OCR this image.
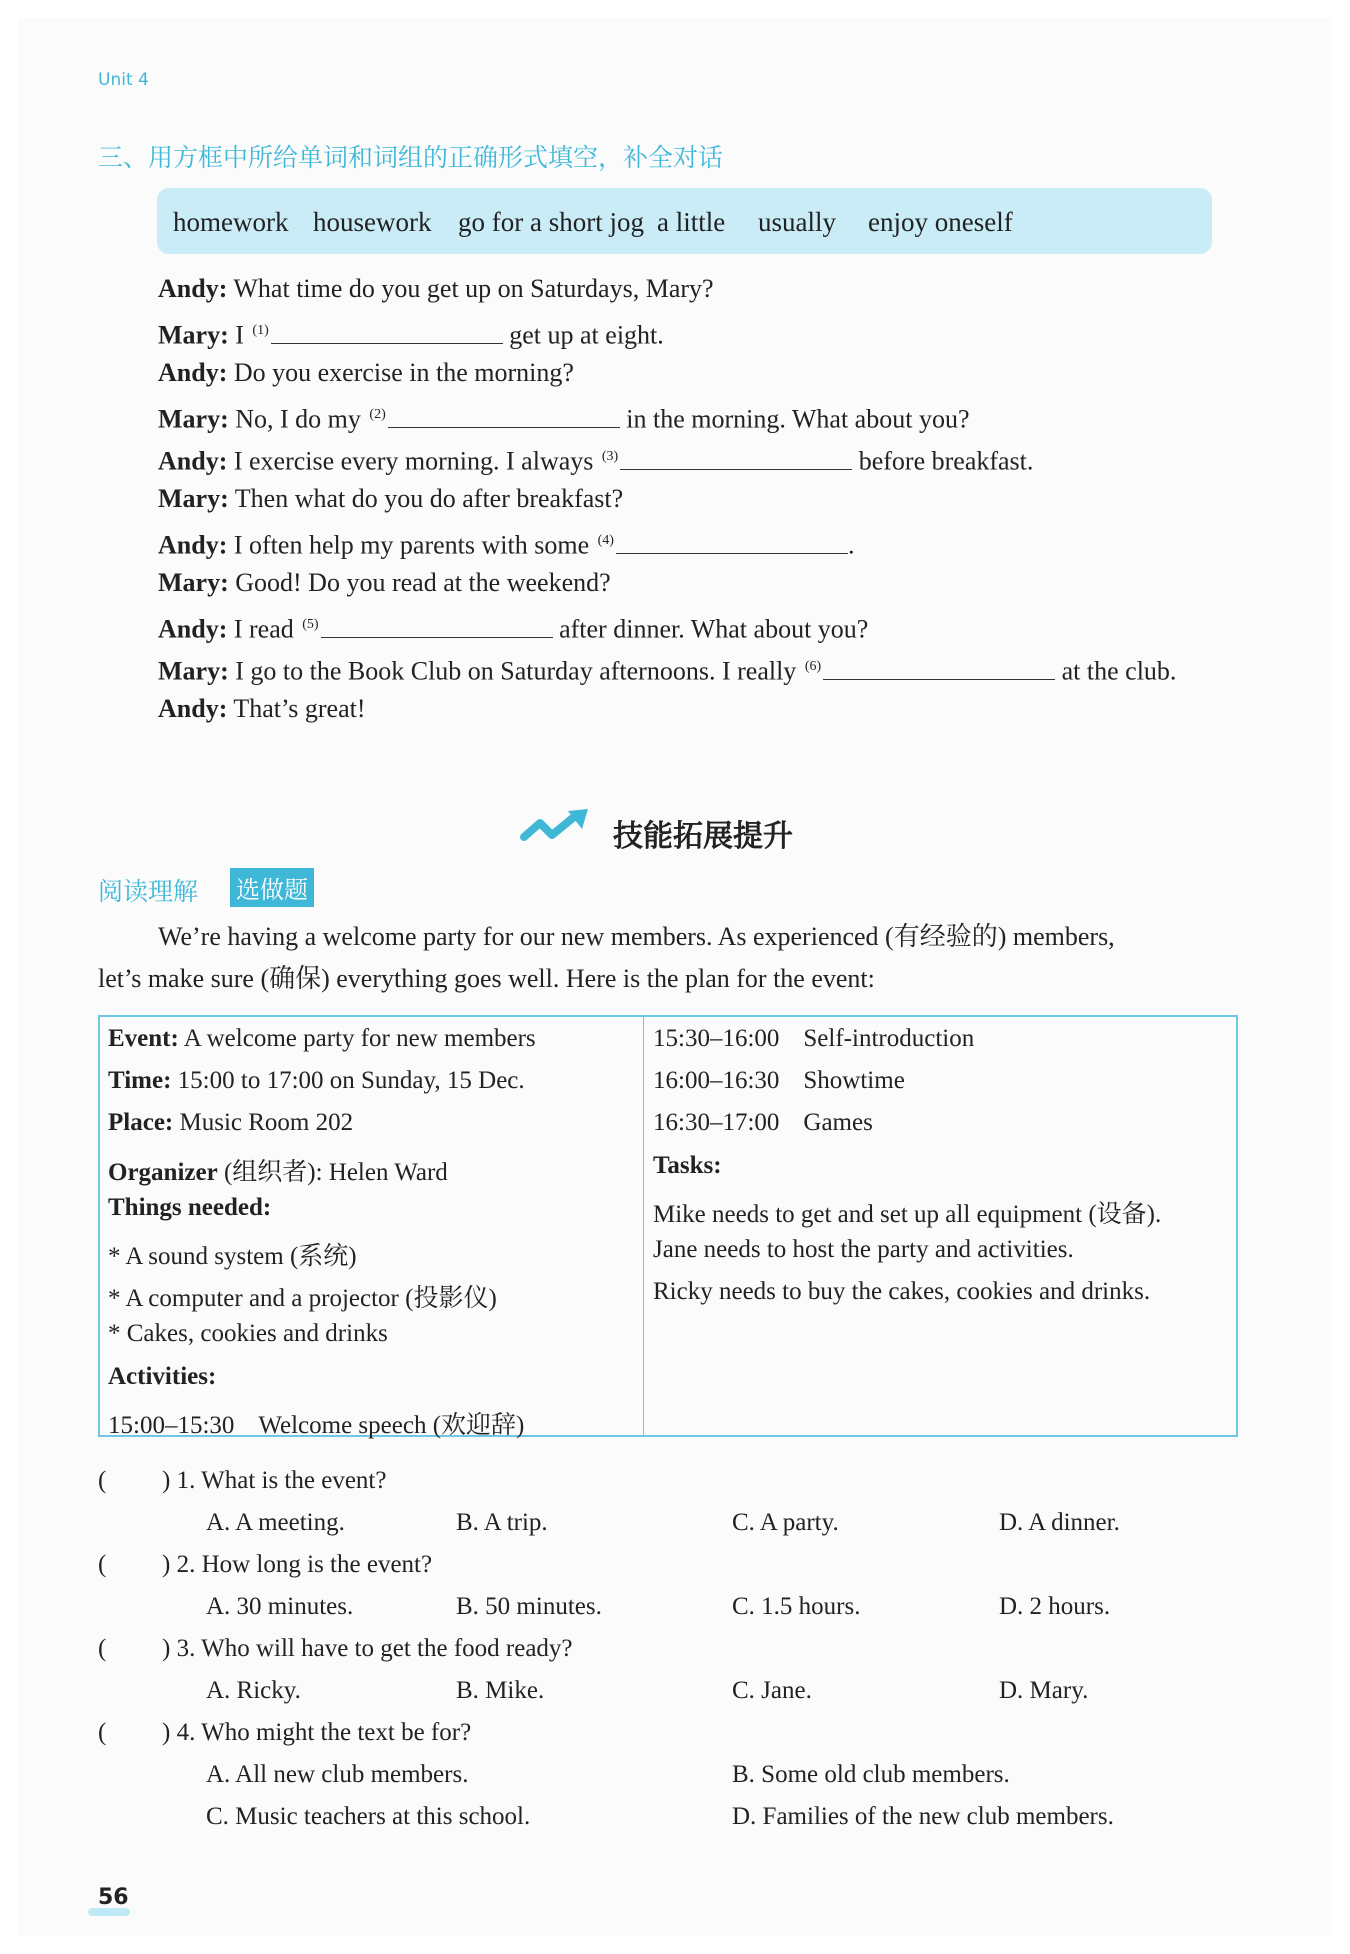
Unit 4
三、用方框中所给单词和词组的正确形式填空，补全对话
homework housework go for a short jog a little usually enjoy oneself
Andy: What time do you get up on Saturdays, Mary?
Mary: I $^{(1)}$	get up at eight.
Andy: Do you exercise in the morning?
Mary: No, I do my $^{(2)}$	in the morning. What about you?
Andy: I exercise every morning. I always $^{(3)}$	before breakfast.
Mary: Then what do you do after breakfast?
Andy: I often help my parents with some $^{(4)}$	.
Mary: Good! Do you read at the weekend?
Andy: I read $^{(5)}$	after dinner. What about you?
Mary: I go to the Book Club on Saturday afternoons. I really $^{(6)}$	at the club.
Andy: That’s great!
技能拓展提升
阅读理解 选做题
We’re having a welcome party for our new members. As experienced (有经验的) members,
let’s make sure (确保) everything goes well. Here is the plan for the event:
Event: A welcome party for new members
Time: 15:00 to 17:00 on Sunday, 15 Dec.
Place: Music Room 202
Organizer (组织者): Helen Ward
Things needed:
* A sound system (系统)
* A computer and a projector (投影仪)
* Cakes, cookies and drinks
Activities:
15:00–15:30 Welcome speech (欢迎辞)
15:30–16:00 Self-introduction
16:00–16:30 Showtime
16:30–17:00 Games
Tasks:
Mike needs to get and set up all equipment (设备).
Jane needs to host the party and activities.
Ricky needs to buy the cakes, cookies and drinks.
( ) 1. What is the event?
A. A meeting.	B. A trip.	C. A party.	D. A dinner.
( ) 2. How long is the event?
A. 30 minutes.	B. 50 minutes.	C. 1.5 hours.	D. 2 hours.
( ) 3. Who will have to get the food ready?
A. Ricky.	B. Mike.	C. Jane.	D. Mary.
( ) 4. Who might the text be for?
A. All new club members.	B. Some old club members.
C. Music teachers at this school.	D. Families of the new club members.
56
